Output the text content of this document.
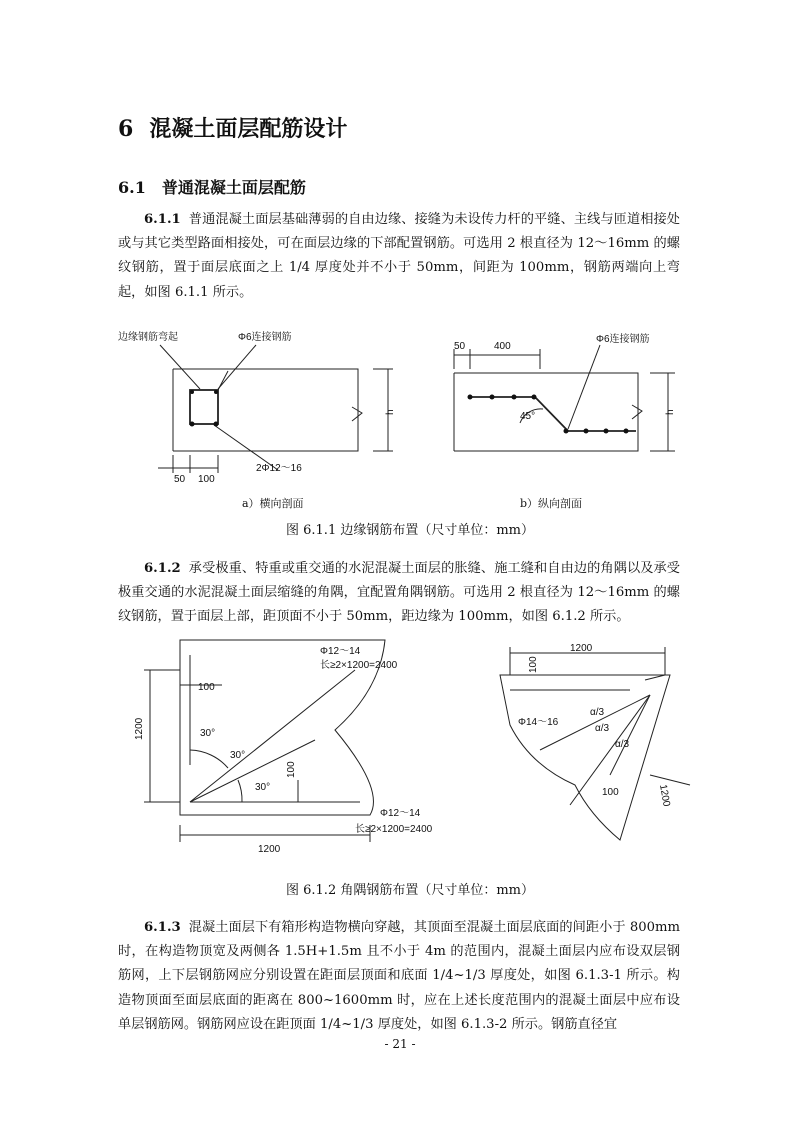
6 混凝土面层配筋设计
6.1 普通混凝土面层配筋

6.1.1 普通混凝土面层基础薄弱的自由边缘、接缝为未设传力杆的平缝、主线与匝道相接处或与其它类型路面相接处，可在面层边缘的下部配置钢筋。可选用 2 根直径为 12～16mm 的螺纹钢筋，置于面层底面之上 1/4 厚度处并不小于 50mm，间距为 100mm，钢筋两端向上弯起，如图 6.1.1 所示。

边缘钢筋弯起	Φ6连接钢筋
2Φ12～16
50 100
h
50	400
Φ6连接钢筋
45°	h
a）横向剖面	b）纵向剖面
图 6.1.1 边缘钢筋布置（尺寸单位：mm）

6.1.2 承受极重、特重或重交通的水泥混凝土面层的胀缝、施工缝和自由边的角隅以及承受极重交通的水泥混凝土面层缩缝的角隅，宜配置角隅钢筋。可选用 2 根直径为 12～16mm 的螺纹钢筋，置于面层上部，距顶面不小于 50mm，距边缘为 100mm，如图 6.1.2 所示。

Φ12～14
长≥2×1200=2400
100
30°
30°
30°
1200
100
Φ12～14
长≥2×1200=2400
1200
1200
100
Φ14～16
α/3
α/3
α/3
100	1200
图 6.1.2 角隅钢筋布置（尺寸单位：mm）

6.1.3 混凝土面层下有箱形构造物横向穿越，其顶面至混凝土面层底面的间距小于 800mm 时，在构造物顶宽及两侧各 1.5H+1.5m 且不小于 4m 的范围内，混凝土面层内应布设双层钢筋网，上下层钢筋网应分别设置在距面层顶面和底面 1/4~1/3 厚度处，如图 6.1.3-1 所示。构造物顶面至面层底面的距离在 800~1600mm 时，应在上述长度范围内的混凝土面层中应布设单层钢筋网。钢筋网应设在距顶面 1/4~1/3 厚度处，如图 6.1.3-2 所示。钢筋直径宜

- 21 -
